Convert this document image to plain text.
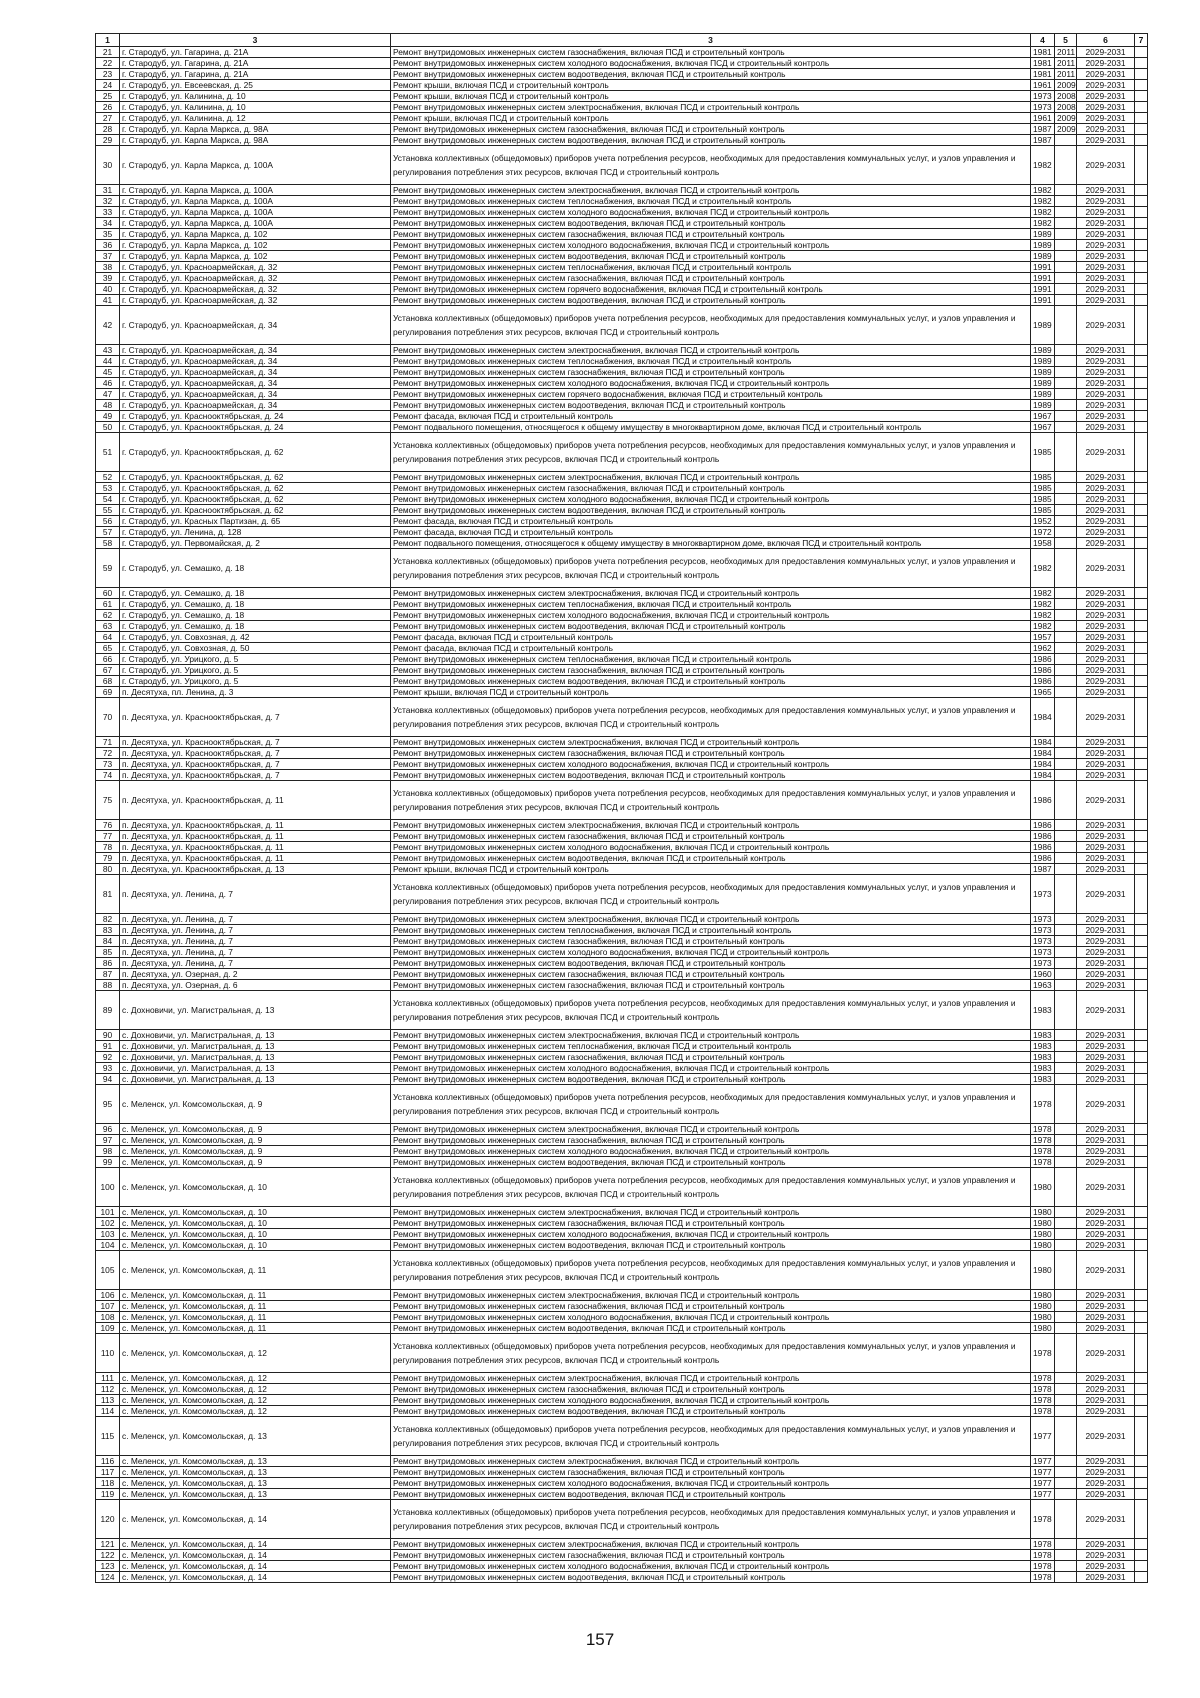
1	3	3	4	5	6	7
21	г. Стародуб, ул. Гагарина, д. 21А	Ремонт внутридомовых инженерных систем газоснабжения, включая ПСД и строительный контроль	1981	2011	2029-2031	
22	г. Стародуб, ул. Гагарина, д. 21А	Ремонт внутридомовых инженерных систем холодного водоснабжения, включая ПСД и строительный контроль	1981	2011	2029-2031	
23	г. Стародуб, ул. Гагарина, д. 21А	Ремонт внутридомовых инженерных систем водоотведения, включая ПСД и строительный контроль	1981	2011	2029-2031	
24	г. Стародуб, ул. Евсеевская, д. 25	Ремонт крыши, включая ПСД и строительный контроль	1961	2009	2029-2031	
25	г. Стародуб, ул. Калинина, д. 10	Ремонт крыши, включая ПСД и строительный контроль	1973	2008	2029-2031	
26	г. Стародуб, ул. Калинина, д. 10	Ремонт внутридомовых инженерных систем электроснабжения, включая ПСД и строительный контроль	1973	2008	2029-2031	
27	г. Стародуб, ул. Калинина, д. 12	Ремонт крыши, включая ПСД и строительный контроль	1961	2009	2029-2031	
28	г. Стародуб, ул. Карла Маркса, д. 98А	Ремонт внутридомовых инженерных систем газоснабжения, включая ПСД и строительный контроль	1987	2009	2029-2031	
29	г. Стародуб, ул. Карла Маркса, д. 98А	Ремонт внутридомовых инженерных систем водоотведения, включая ПСД и строительный контроль	1987		2029-2031	
30	г. Стародуб, ул. Карла Маркса, д. 100А	Установка коллективных (общедомовых) приборов учета потребления ресурсов, необходимых для предоставления коммунальных услуг, и узлов управления и регулирования потребления этих ресурсов, включая ПСД и строительный контроль	1982		2029-2031	
31	г. Стародуб, ул. Карла Маркса, д. 100А	Ремонт внутридомовых инженерных систем электроснабжения, включая ПСД и строительный контроль	1982		2029-2031	
32	г. Стародуб, ул. Карла Маркса, д. 100А	Ремонт внутридомовых инженерных систем теплоснабжения, включая ПСД и строительный контроль	1982		2029-2031	
33	г. Стародуб, ул. Карла Маркса, д. 100А	Ремонт внутридомовых инженерных систем холодного водоснабжения, включая ПСД и строительный контроль	1982		2029-2031	
34	г. Стародуб, ул. Карла Маркса, д. 100А	Ремонт внутридомовых инженерных систем водоотведения, включая ПСД и строительный контроль	1982		2029-2031	
35	г. Стародуб, ул. Карла Маркса, д. 102	Ремонт внутридомовых инженерных систем газоснабжения, включая ПСД и строительный контроль	1989		2029-2031	
36	г. Стародуб, ул. Карла Маркса, д. 102	Ремонт внутридомовых инженерных систем холодного водоснабжения, включая ПСД и строительный контроль	1989		2029-2031	
37	г. Стародуб, ул. Карла Маркса, д. 102	Ремонт внутридомовых инженерных систем водоотведения, включая ПСД и строительный контроль	1989		2029-2031	
38	г. Стародуб, ул. Красноармейская, д. 32	Ремонт внутридомовых инженерных систем теплоснабжения, включая ПСД и строительный контроль	1991		2029-2031	
39	г. Стародуб, ул. Красноармейская, д. 32	Ремонт внутридомовых инженерных систем газоснабжения, включая ПСД и строительный контроль	1991		2029-2031	
40	г. Стародуб, ул. Красноармейская, д. 32	Ремонт внутридомовых инженерных систем горячего водоснабжения, включая ПСД и строительный контроль	1991		2029-2031	
41	г. Стародуб, ул. Красноармейская, д. 32	Ремонт внутридомовых инженерных систем водоотведения, включая ПСД и строительный контроль	1991		2029-2031	
42	г. Стародуб, ул. Красноармейская, д. 34	Установка коллективных (общедомовых) приборов учета потребления ресурсов, необходимых для предоставления коммунальных услуг, и узлов управления и регулирования потребления этих ресурсов, включая ПСД и строительный контроль	1989		2029-2031	
43	г. Стародуб, ул. Красноармейская, д. 34	Ремонт внутридомовых инженерных систем электроснабжения, включая ПСД и строительный контроль	1989		2029-2031	
44	г. Стародуб, ул. Красноармейская, д. 34	Ремонт внутридомовых инженерных систем теплоснабжения, включая ПСД и строительный контроль	1989		2029-2031	
45	г. Стародуб, ул. Красноармейская, д. 34	Ремонт внутридомовых инженерных систем газоснабжения, включая ПСД и строительный контроль	1989		2029-2031	
46	г. Стародуб, ул. Красноармейская, д. 34	Ремонт внутридомовых инженерных систем холодного водоснабжения, включая ПСД и строительный контроль	1989		2029-2031	
47	г. Стародуб, ул. Красноармейская, д. 34	Ремонт внутридомовых инженерных систем горячего водоснабжения, включая ПСД и строительный контроль	1989		2029-2031	
48	г. Стародуб, ул. Красноармейская, д. 34	Ремонт внутридомовых инженерных систем водоотведения, включая ПСД и строительный контроль	1989		2029-2031	
49	г. Стародуб, ул. Краснооктябрьская, д. 24	Ремонт фасада, включая ПСД и строительный контроль	1967		2029-2031	
50	г. Стародуб, ул. Краснооктябрьская, д. 24	Ремонт подвального помещения, относящегося к общему имуществу в многоквартирном доме, включая ПСД и строительный контроль	1967		2029-2031	
51	г. Стародуб, ул. Краснооктябрьская, д. 62	Установка коллективных (общедомовых) приборов учета потребления ресурсов, необходимых для предоставления коммунальных услуг, и узлов управления и регулирования потребления этих ресурсов, включая ПСД и строительный контроль	1985		2029-2031	
52	г. Стародуб, ул. Краснооктябрьская, д. 62	Ремонт внутридомовых инженерных систем электроснабжения, включая ПСД и строительный контроль	1985		2029-2031	
53	г. Стародуб, ул. Краснооктябрьская, д. 62	Ремонт внутридомовых инженерных систем газоснабжения, включая ПСД и строительный контроль	1985		2029-2031	
54	г. Стародуб, ул. Краснооктябрьская, д. 62	Ремонт внутридомовых инженерных систем холодного водоснабжения, включая ПСД и строительный контроль	1985		2029-2031	
55	г. Стародуб, ул. Краснооктябрьская, д. 62	Ремонт внутридомовых инженерных систем водоотведения, включая ПСД и строительный контроль	1985		2029-2031	
56	г. Стародуб, ул. Красных Партизан, д. 65	Ремонт фасада, включая ПСД и строительный контроль	1952		2029-2031	
57	г. Стародуб, ул. Ленина, д. 128	Ремонт фасада, включая ПСД и строительный контроль	1972		2029-2031	
58	г. Стародуб, ул. Первомайская, д. 2	Ремонт подвального помещения, относящегося к общему имуществу в многоквартирном доме, включая ПСД и строительный контроль	1958		2029-2031	
59	г. Стародуб, ул. Семашко, д. 18	Установка коллективных (общедомовых) приборов учета потребления ресурсов, необходимых для предоставления коммунальных услуг, и узлов управления и регулирования потребления этих ресурсов, включая ПСД и строительный контроль	1982		2029-2031	
60	г. Стародуб, ул. Семашко, д. 18	Ремонт внутридомовых инженерных систем электроснабжения, включая ПСД и строительный контроль	1982		2029-2031	
61	г. Стародуб, ул. Семашко, д. 18	Ремонт внутридомовых инженерных систем теплоснабжения, включая ПСД и строительный контроль	1982		2029-2031	
62	г. Стародуб, ул. Семашко, д. 18	Ремонт внутридомовых инженерных систем холодного водоснабжения, включая ПСД и строительный контроль	1982		2029-2031	
63	г. Стародуб, ул. Семашко, д. 18	Ремонт внутридомовых инженерных систем водоотведения, включая ПСД и строительный контроль	1982		2029-2031	
64	г. Стародуб, ул. Совхозная, д. 42	Ремонт фасада, включая ПСД и строительный контроль	1957		2029-2031	
65	г. Стародуб, ул. Совхозная, д. 50	Ремонт фасада, включая ПСД и строительный контроль	1962		2029-2031	
66	г. Стародуб, ул. Урицкого, д. 5	Ремонт внутридомовых инженерных систем теплоснабжения, включая ПСД и строительный контроль	1986		2029-2031	
67	г. Стародуб, ул. Урицкого, д. 5	Ремонт внутридомовых инженерных систем газоснабжения, включая ПСД и строительный контроль	1986		2029-2031	
68	г. Стародуб, ул. Урицкого, д. 5	Ремонт внутридомовых инженерных систем водоотведения, включая ПСД и строительный контроль	1986		2029-2031	
69	п. Десятуха, пл. Ленина, д. 3	Ремонт крыши, включая ПСД и строительный контроль	1965		2029-2031	
70	п. Десятуха, ул. Краснооктябрьская, д. 7	Установка коллективных (общедомовых) приборов учета потребления ресурсов, необходимых для предоставления коммунальных услуг, и узлов управления и регулирования потребления этих ресурсов, включая ПСД и строительный контроль	1984		2029-2031	
71	п. Десятуха, ул. Краснооктябрьская, д. 7	Ремонт внутридомовых инженерных систем электроснабжения, включая ПСД и строительный контроль	1984		2029-2031	
72	п. Десятуха, ул. Краснооктябрьская, д. 7	Ремонт внутридомовых инженерных систем газоснабжения, включая ПСД и строительный контроль	1984		2029-2031	
73	п. Десятуха, ул. Краснооктябрьская, д. 7	Ремонт внутридомовых инженерных систем холодного водоснабжения, включая ПСД и строительный контроль	1984		2029-2031	
74	п. Десятуха, ул. Краснооктябрьская, д. 7	Ремонт внутридомовых инженерных систем водоотведения, включая ПСД и строительный контроль	1984		2029-2031	
75	п. Десятуха, ул. Краснооктябрьская, д. 11	Установка коллективных (общедомовых) приборов учета потребления ресурсов, необходимых для предоставления коммунальных услуг, и узлов управления и регулирования потребления этих ресурсов, включая ПСД и строительный контроль	1986		2029-2031	
76	п. Десятуха, ул. Краснооктябрьская, д. 11	Ремонт внутридомовых инженерных систем электроснабжения, включая ПСД и строительный контроль	1986		2029-2031	
77	п. Десятуха, ул. Краснооктябрьская, д. 11	Ремонт внутридомовых инженерных систем газоснабжения, включая ПСД и строительный контроль	1986		2029-2031	
78	п. Десятуха, ул. Краснооктябрьская, д. 11	Ремонт внутридомовых инженерных систем холодного водоснабжения, включая ПСД и строительный контроль	1986		2029-2031	
79	п. Десятуха, ул. Краснооктябрьская, д. 11	Ремонт внутридомовых инженерных систем водоотведения, включая ПСД и строительный контроль	1986		2029-2031	
80	п. Десятуха, ул. Краснооктябрьская, д. 13	Ремонт крыши, включая ПСД и строительный контроль	1987		2029-2031	
81	п. Десятуха, ул. Ленина, д. 7	Установка коллективных (общедомовых) приборов учета потребления ресурсов, необходимых для предоставления коммунальных услуг, и узлов управления и регулирования потребления этих ресурсов, включая ПСД и строительный контроль	1973		2029-2031	
82	п. Десятуха, ул. Ленина, д. 7	Ремонт внутридомовых инженерных систем электроснабжения, включая ПСД и строительный контроль	1973		2029-2031	
83	п. Десятуха, ул. Ленина, д. 7	Ремонт внутридомовых инженерных систем теплоснабжения, включая ПСД и строительный контроль	1973		2029-2031	
84	п. Десятуха, ул. Ленина, д. 7	Ремонт внутридомовых инженерных систем газоснабжения, включая ПСД и строительный контроль	1973		2029-2031	
85	п. Десятуха, ул. Ленина, д. 7	Ремонт внутридомовых инженерных систем холодного водоснабжения, включая ПСД и строительный контроль	1973		2029-2031	
86	п. Десятуха, ул. Ленина, д. 7	Ремонт внутридомовых инженерных систем водоотведения, включая ПСД и строительный контроль	1973		2029-2031	
87	п. Десятуха, ул. Озерная, д. 2	Ремонт внутридомовых инженерных систем газоснабжения, включая ПСД и строительный контроль	1960		2029-2031	
88	п. Десятуха, ул. Озерная, д. 6	Ремонт внутридомовых инженерных систем газоснабжения, включая ПСД и строительный контроль	1963		2029-2031	
89	с. Дохновичи, ул. Магистральная, д. 13	Установка коллективных (общедомовых) приборов учета потребления ресурсов, необходимых для предоставления коммунальных услуг, и узлов управления и регулирования потребления этих ресурсов, включая ПСД и строительный контроль	1983		2029-2031	
90	с. Дохновичи, ул. Магистральная, д. 13	Ремонт внутридомовых инженерных систем электроснабжения, включая ПСД и строительный контроль	1983		2029-2031	
91	с. Дохновичи, ул. Магистральная, д. 13	Ремонт внутридомовых инженерных систем теплоснабжения, включая ПСД и строительный контроль	1983		2029-2031	
92	с. Дохновичи, ул. Магистральная, д. 13	Ремонт внутридомовых инженерных систем газоснабжения, включая ПСД и строительный контроль	1983		2029-2031	
93	с. Дохновичи, ул. Магистральная, д. 13	Ремонт внутридомовых инженерных систем холодного водоснабжения, включая ПСД и строительный контроль	1983		2029-2031	
94	с. Дохновичи, ул. Магистральная, д. 13	Ремонт внутридомовых инженерных систем водоотведения, включая ПСД и строительный контроль	1983		2029-2031	
95	с. Меленск, ул. Комсомольская, д. 9	Установка коллективных (общедомовых) приборов учета потребления ресурсов, необходимых для предоставления коммунальных услуг, и узлов управления и регулирования потребления этих ресурсов, включая ПСД и строительный контроль	1978		2029-2031	
96	с. Меленск, ул. Комсомольская, д. 9	Ремонт внутридомовых инженерных систем электроснабжения, включая ПСД и строительный контроль	1978		2029-2031	
97	с. Меленск, ул. Комсомольская, д. 9	Ремонт внутридомовых инженерных систем газоснабжения, включая ПСД и строительный контроль	1978		2029-2031	
98	с. Меленск, ул. Комсомольская, д. 9	Ремонт внутридомовых инженерных систем холодного водоснабжения, включая ПСД и строительный контроль	1978		2029-2031	
99	с. Меленск, ул. Комсомольская, д. 9	Ремонт внутридомовых инженерных систем водоотведения, включая ПСД и строительный контроль	1978		2029-2031	
100	с. Меленск, ул. Комсомольская, д. 10	Установка коллективных (общедомовых) приборов учета потребления ресурсов, необходимых для предоставления коммунальных услуг, и узлов управления и регулирования потребления этих ресурсов, включая ПСД и строительный контроль	1980		2029-2031	
101	с. Меленск, ул. Комсомольская, д. 10	Ремонт внутридомовых инженерных систем электроснабжения, включая ПСД и строительный контроль	1980		2029-2031	
102	с. Меленск, ул. Комсомольская, д. 10	Ремонт внутридомовых инженерных систем газоснабжения, включая ПСД и строительный контроль	1980		2029-2031	
103	с. Меленск, ул. Комсомольская, д. 10	Ремонт внутридомовых инженерных систем холодного водоснабжения, включая ПСД и строительный контроль	1980		2029-2031	
104	с. Меленск, ул. Комсомольская, д. 10	Ремонт внутридомовых инженерных систем водоотведения, включая ПСД и строительный контроль	1980		2029-2031	
105	с. Меленск, ул. Комсомольская, д. 11	Установка коллективных (общедомовых) приборов учета потребления ресурсов, необходимых для предоставления коммунальных услуг, и узлов управления и регулирования потребления этих ресурсов, включая ПСД и строительный контроль	1980		2029-2031	
106	с. Меленск, ул. Комсомольская, д. 11	Ремонт внутридомовых инженерных систем электроснабжения, включая ПСД и строительный контроль	1980		2029-2031	
107	с. Меленск, ул. Комсомольская, д. 11	Ремонт внутридомовых инженерных систем газоснабжения, включая ПСД и строительный контроль	1980		2029-2031	
108	с. Меленск, ул. Комсомольская, д. 11	Ремонт внутридомовых инженерных систем холодного водоснабжения, включая ПСД и строительный контроль	1980		2029-2031	
109	с. Меленск, ул. Комсомольская, д. 11	Ремонт внутридомовых инженерных систем водоотведения, включая ПСД и строительный контроль	1980		2029-2031	
110	с. Меленск, ул. Комсомольская, д. 12	Установка коллективных (общедомовых) приборов учета потребления ресурсов, необходимых для предоставления коммунальных услуг, и узлов управления и регулирования потребления этих ресурсов, включая ПСД и строительный контроль	1978		2029-2031	
111	с. Меленск, ул. Комсомольская, д. 12	Ремонт внутридомовых инженерных систем электроснабжения, включая ПСД и строительный контроль	1978		2029-2031	
112	с. Меленск, ул. Комсомольская, д. 12	Ремонт внутридомовых инженерных систем газоснабжения, включая ПСД и строительный контроль	1978		2029-2031	
113	с. Меленск, ул. Комсомольская, д. 12	Ремонт внутридомовых инженерных систем холодного водоснабжения, включая ПСД и строительный контроль	1978		2029-2031	
114	с. Меленск, ул. Комсомольская, д. 12	Ремонт внутридомовых инженерных систем водоотведения, включая ПСД и строительный контроль	1978		2029-2031	
115	с. Меленск, ул. Комсомольская, д. 13	Установка коллективных (общедомовых) приборов учета потребления ресурсов, необходимых для предоставления коммунальных услуг, и узлов управления и регулирования потребления этих ресурсов, включая ПСД и строительный контроль	1977		2029-2031	
116	с. Меленск, ул. Комсомольская, д. 13	Ремонт внутридомовых инженерных систем электроснабжения, включая ПСД и строительный контроль	1977		2029-2031	
117	с. Меленск, ул. Комсомольская, д. 13	Ремонт внутридомовых инженерных систем газоснабжения, включая ПСД и строительный контроль	1977		2029-2031	
118	с. Меленск, ул. Комсомольская, д. 13	Ремонт внутридомовых инженерных систем холодного водоснабжения, включая ПСД и строительный контроль	1977		2029-2031	
119	с. Меленск, ул. Комсомольская, д. 13	Ремонт внутридомовых инженерных систем водоотведения, включая ПСД и строительный контроль	1977		2029-2031	
120	с. Меленск, ул. Комсомольская, д. 14	Установка коллективных (общедомовых) приборов учета потребления ресурсов, необходимых для предоставления коммунальных услуг, и узлов управления и регулирования потребления этих ресурсов, включая ПСД и строительный контроль	1978		2029-2031	
121	с. Меленск, ул. Комсомольская, д. 14	Ремонт внутридомовых инженерных систем электроснабжения, включая ПСД и строительный контроль	1978		2029-2031	
122	с. Меленск, ул. Комсомольская, д. 14	Ремонт внутридомовых инженерных систем газоснабжения, включая ПСД и строительный контроль	1978		2029-2031	
123	с. Меленск, ул. Комсомольская, д. 14	Ремонт внутридомовых инженерных систем холодного водоснабжения, включая ПСД и строительный контроль	1978		2029-2031	
124	с. Меленск, ул. Комсомольская, д. 14	Ремонт внутридомовых инженерных систем водоотведения, включая ПСД и строительный контроль	1978		2029-2031	
157
